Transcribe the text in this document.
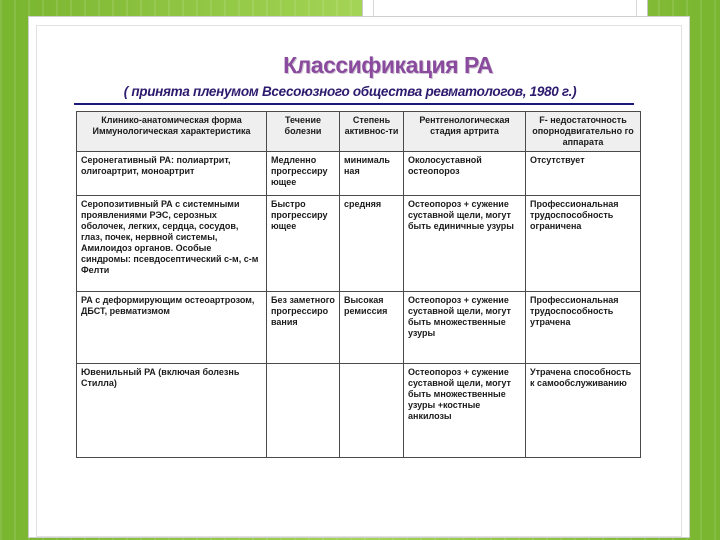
Классификация РА
( принята пленумом Всесоюзного общества ревматологов, 1980 г.)
Клинико-анатомическая форма Иммунологическая характеристика	Течение болезни	Степень активнос-ти	Рентгенологическая стадия артрита	F- недостаточность опорнодвигательно го аппарата
Серонегативный РА: полиартрит, олигоартрит, моноартрит	Медленно прогрессиру ющее	минималь ная	Околосуставной остеопороз	Отсутствует
Серопозитивный РА с системными проявлениями РЭС, серозных оболочек, легких, сердца, сосудов, глаз, почек, нервной системы, Амилоидоз органов. Особые синдромы: псевдосептический с-м, с-м Фелти	Быстро прогрессиру ющее	средняя	Остеопороз + сужение суставной щели, могут быть единичные узуры	Профессиональная трудоспособность ограничена
РА с деформирующим остеоартрозом, ДБСТ, ревматизмом	Без заметного прогрессиро вания	Высокая ремиссия	Остеопороз + сужение суставной щели, могут быть множественные узуры	Профессиональная трудоспособность утрачена
Ювенильный РА (включая болезнь Стилла)			Остеопороз + сужение суставной щели, могут быть множественные узуры +костные анкилозы	Утрачена способность к самообслуживанию
